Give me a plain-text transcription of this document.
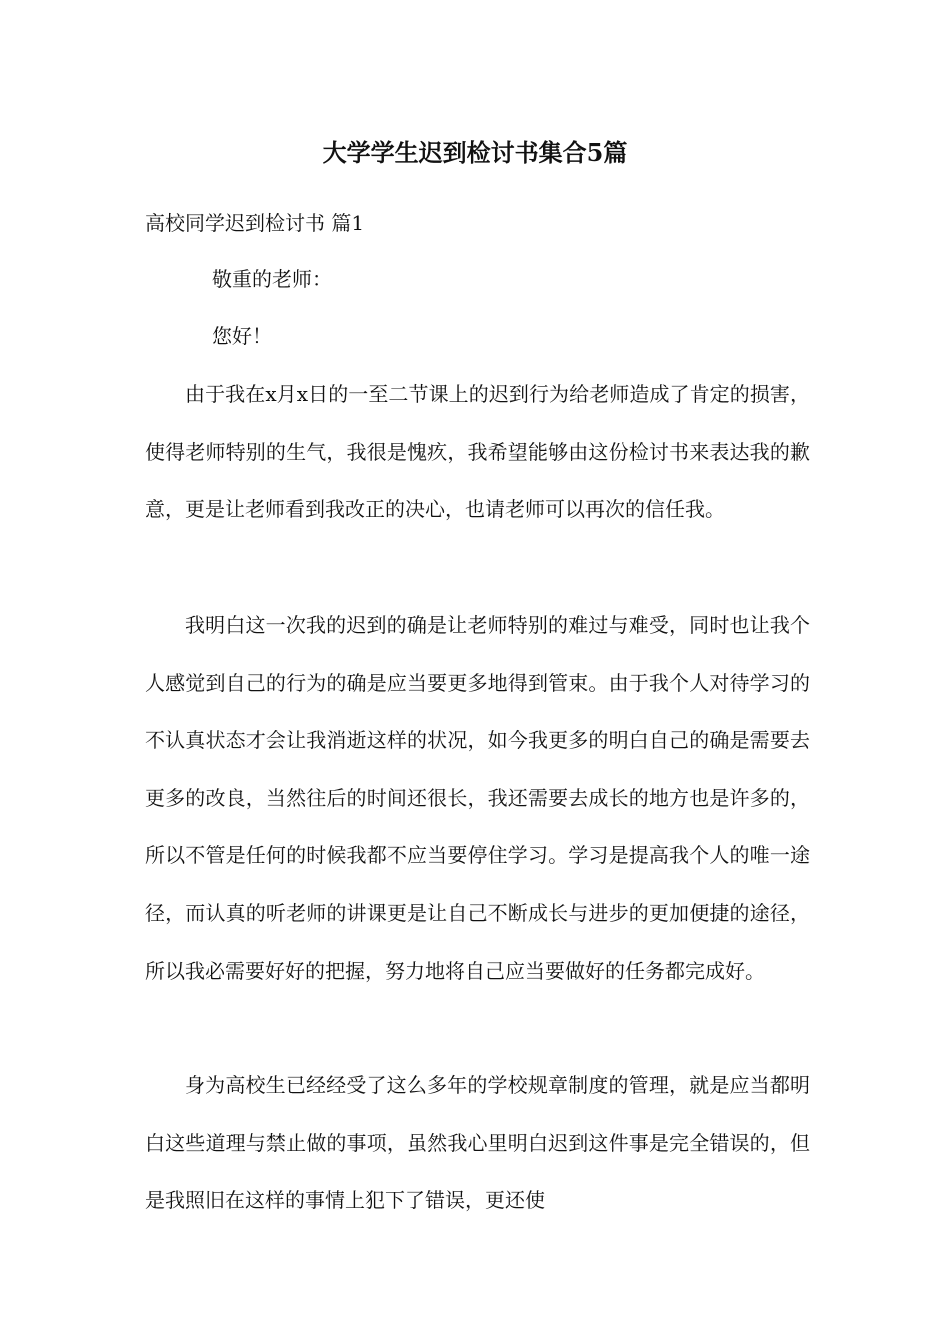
大学学生迟到检讨书集合5篇
高校同学迟到检讨书 篇1
敬重的老师：
您好！

由于我在x月x日的一至二节课上的迟到行为给老师造成了肯定的损害，使得老师特别的生气，我很是愧疚，我希望能够由这份检讨书来表达我的歉意，更是让老师看到我改正的决心，也请老师可以再次的信任我。

我明白这一次我的迟到的确是让老师特别的难过与难受，同时也让我个人感觉到自己的行为的确是应当要更多地得到管束。由于我个人对待学习的不认真状态才会让我消逝这样的状况，如今我更多的明白自己的确是需要去更多的改良，当然往后的时间还很长，我还需要去成长的地方也是许多的，所以不管是任何的时候我都不应当要停住学习。学习是提高我个人的唯一途径，而认真的听老师的讲课更是让自己不断成长与进步的更加便捷的途径，所以我必需要好好的把握，努力地将自己应当要做好的任务都完成好。

身为高校生已经经受了这么多年的学校规章制度的管理，就是应当都明白这些道理与禁止做的事项，虽然我心里明白迟到这件事是完全错误的，但是我照旧在这样的事情上犯下了错误，更还使
